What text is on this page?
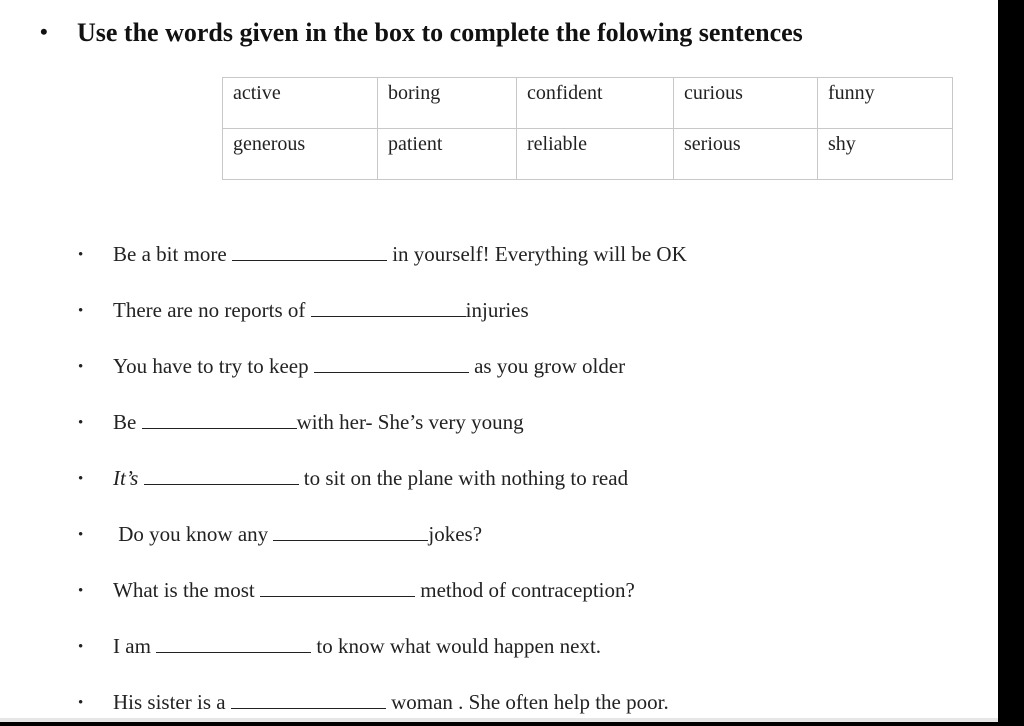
• Use the words given in the box to complete the folowing sentences
active	boring	confident	curious	funny
generous	patient	reliable	serious	shy
• Be a bit more	in yourself! Everything will be OK
• There are no reports of	injuries
• You have to try to keep	as you grow older
• Be	with her- She’s very young
• It’s	to sit on the plane with nothing to read
• Do you know any	jokes?
• What is the most	method of contraception?
• I am	to know what would happen next.
• His sister is a	woman . She often help the poor.
